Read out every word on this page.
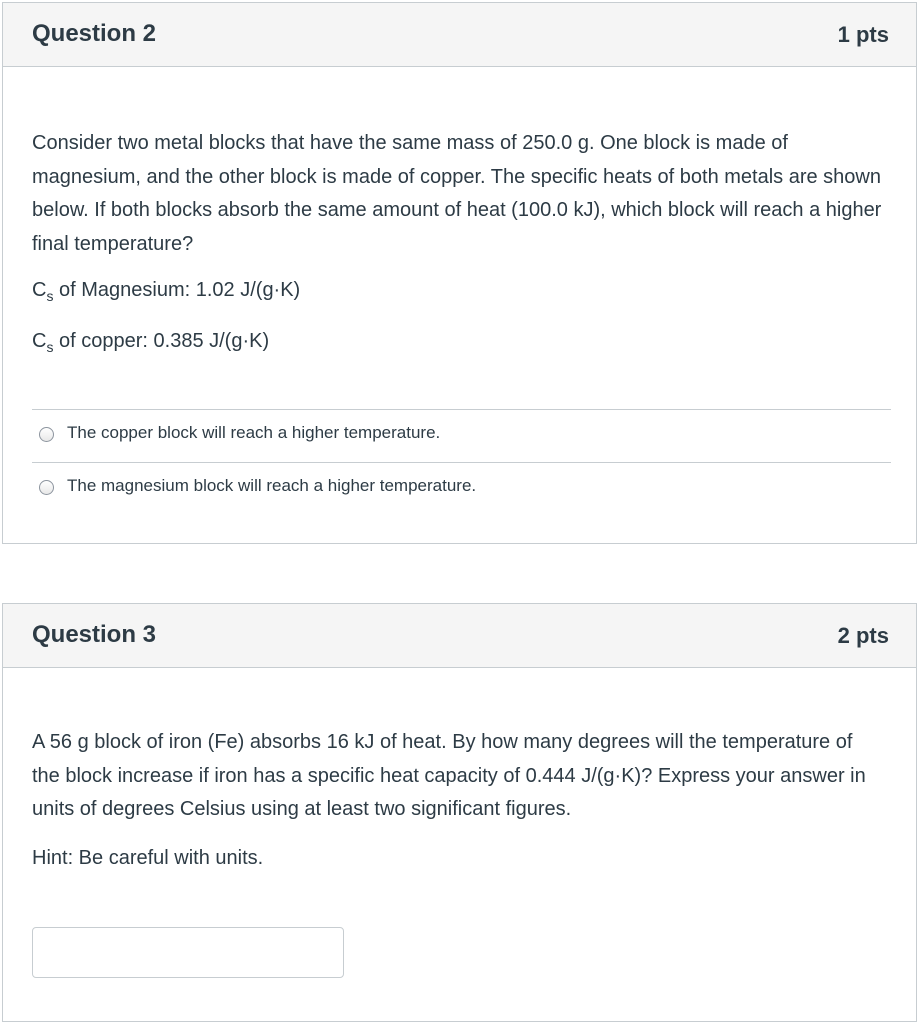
Question 2	1 pts
Consider two metal blocks that have the same mass of 250.0 g. One block is made of magnesium, and the other block is made of copper. The specific heats of both metals are shown below. If both blocks absorb the same amount of heat (100.0 kJ), which block will reach a higher final temperature?
$C_s$ of Magnesium: 1.02 J/(g·K)
$C_s$ of copper: 0.385 J/(g·K)
The copper block will reach a higher temperature.
The magnesium block will reach a higher temperature.
Question 3	2 pts
A 56 g block of iron (Fe) absorbs 16 kJ of heat. By how many degrees will the temperature of the block increase if iron has a specific heat capacity of 0.444 J/(g·K)? Express your answer in units of degrees Celsius using at least two significant figures.
Hint: Be careful with units.
